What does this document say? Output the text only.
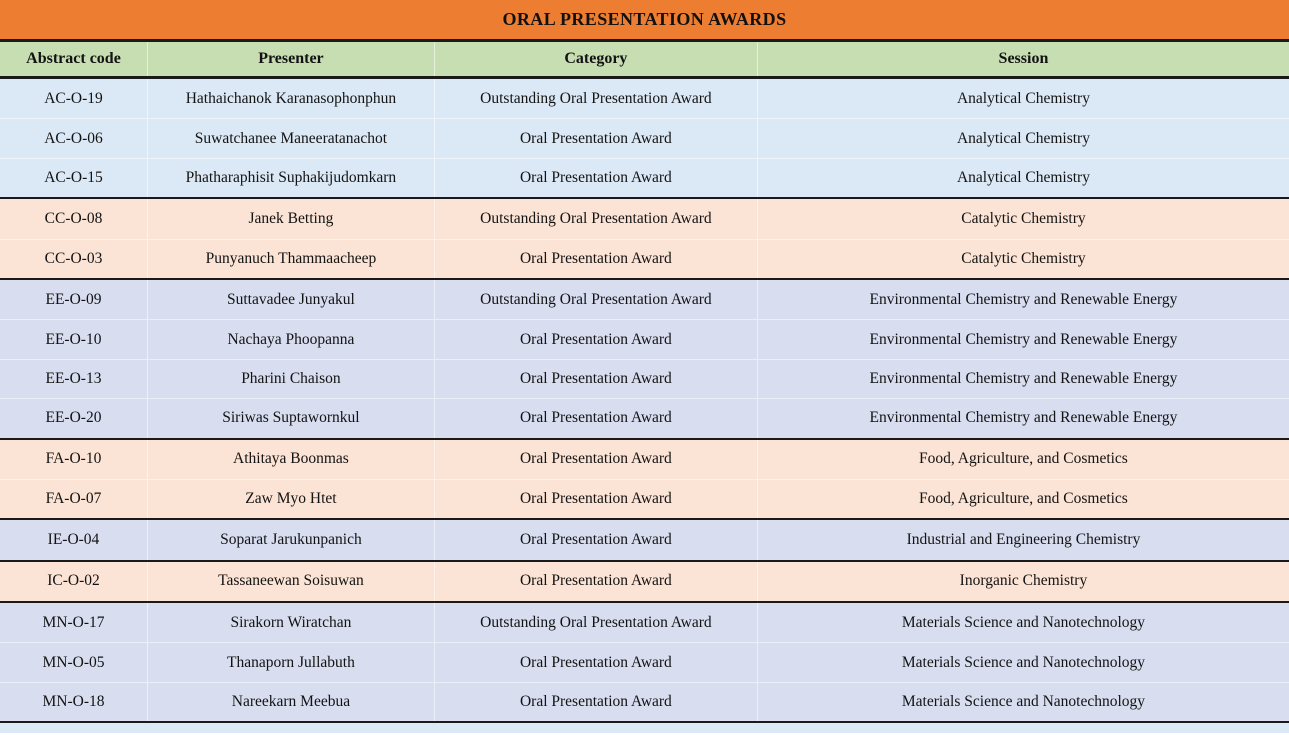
ORAL PRESENTATION AWARDS
Abstract code	Presenter	Category	Session
AC-O-19	Hathaichanok Karanasophonphun	Outstanding Oral Presentation Award	Analytical Chemistry
AC-O-06	Suwatchanee Maneeratanachot	Oral Presentation Award	Analytical Chemistry
AC-O-15	Phatharaphisit Suphakijudomkarn	Oral Presentation Award	Analytical Chemistry
CC-O-08	Janek Betting	Outstanding Oral Presentation Award	Catalytic Chemistry
CC-O-03	Punyanuch Thammaacheep	Oral Presentation Award	Catalytic Chemistry
EE-O-09	Suttavadee Junyakul	Outstanding Oral Presentation Award	Environmental Chemistry and Renewable Energy
EE-O-10	Nachaya Phoopanna	Oral Presentation Award	Environmental Chemistry and Renewable Energy
EE-O-13	Pharini Chaison	Oral Presentation Award	Environmental Chemistry and Renewable Energy
EE-O-20	Siriwas Suptawornkul	Oral Presentation Award	Environmental Chemistry and Renewable Energy
FA-O-10	Athitaya Boonmas	Oral Presentation Award	Food, Agriculture, and Cosmetics
FA-O-07	Zaw Myo Htet	Oral Presentation Award	Food, Agriculture, and Cosmetics
IE-O-04	Soparat Jarukunpanich	Oral Presentation Award	Industrial and Engineering Chemistry
IC-O-02	Tassaneewan Soisuwan	Oral Presentation Award	Inorganic Chemistry
MN-O-17	Sirakorn Wiratchan	Outstanding Oral Presentation Award	Materials Science and Nanotechnology
MN-O-05	Thanaporn Jullabuth	Oral Presentation Award	Materials Science and Nanotechnology
MN-O-18	Nareekarn Meebua	Oral Presentation Award	Materials Science and Nanotechnology
